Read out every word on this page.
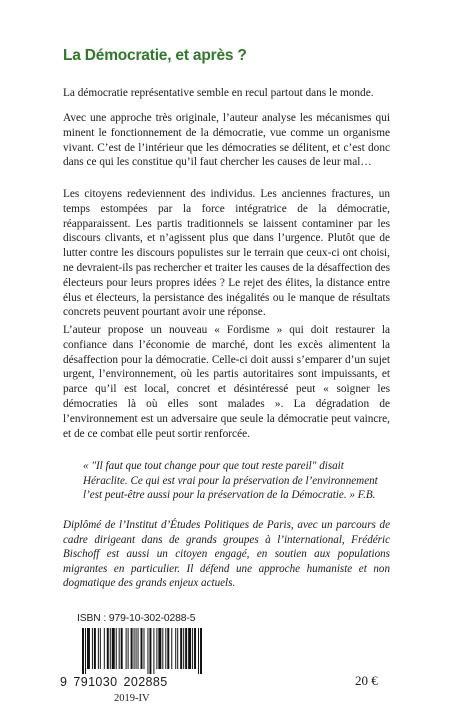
La Démocratie, et après ?

La démocratie représentative semble en recul partout dans le monde.

Avec une approche très originale, l’auteur analyse les mécanismes qui minent le fonctionnement de la démocratie, vue comme un organisme vivant. C’est de l’intérieur que les démocraties se délitent, et c’est donc dans ce qui les constitue qu’il faut chercher les causes de leur mal…

Les citoyens redeviennent des individus. Les anciennes fractures, un temps estompées par la force intégratrice de la démocratie, réapparaissent. Les partis traditionnels se laissent contaminer par les discours clivants, et n’agissent plus que dans l’urgence. Plutôt que de lutter contre les discours populistes sur le terrain que ceux-ci ont choisi, ne devraient-ils pas rechercher et traiter les causes de la désaffection des électeurs pour leurs propres idées ? Le rejet des élites, la distance entre élus et électeurs, la persistance des inégalités ou le manque de résultats concrets peuvent pourtant avoir une réponse.

L’auteur propose un nouveau « Fordisme » qui doit restaurer la confiance dans l’économie de marché, dont les excès alimentent la désaffection pour la démocratie. Celle-ci doit aussi s’emparer d’un sujet urgent, l’environnement, où les partis autoritaires sont impuissants, et parce qu’il est local, concret et désintéressé peut « soigner les démocraties là où elles sont malades ». La dégradation de l’environnement est un adversaire que seule la démocratie peut vaincre, et de ce combat elle peut sortir renforcée.

« "Il faut que tout change pour que tout reste pareil" disait Héraclite. Ce qui est vrai pour la préservation de l’environnement l’est peut-être aussi pour la préservation de la Démocratie. » F.B.

Diplômé de l’Institut d’Études Politiques de Paris, avec un parcours de cadre dirigeant dans de grands groupes à l’international, Frédéric Bischoff est aussi un citoyen engagé, en soutien aux populations migrantes en particulier. Il défend une approche humaniste et non dogmatique des grands enjeux actuels.

ISBN : 979-10-302-0288-5
9 791030 202885
2019-IV
20 €
